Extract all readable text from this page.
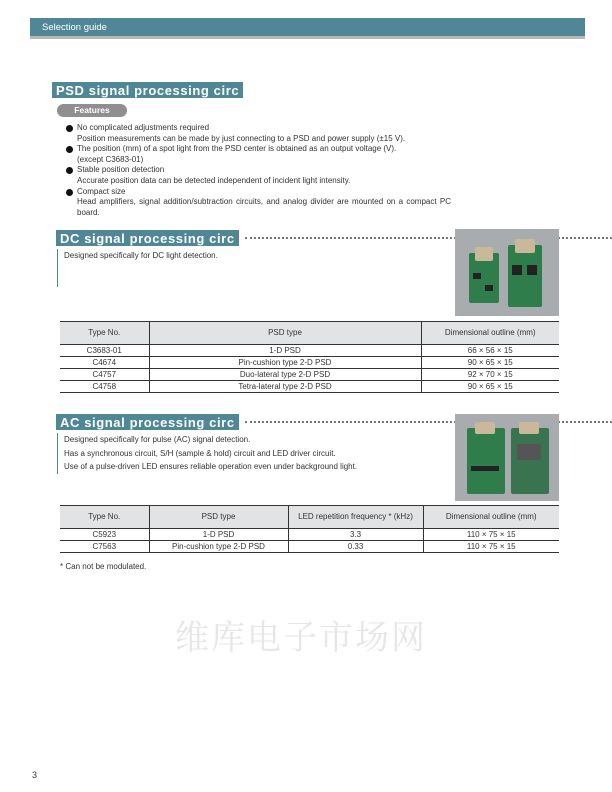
Selection guide
PSD signal processing circ
Features
No complicated adjustments required
Position measurements can be made by just connecting to a PSD and power supply (±15 V).
The position (mm) of a spot light from the PSD center is obtained as an output voltage (V).
(except C3683-01)
Stable position detection
Accurate position data can be detected independent of incident light intensity.
Compact size
Head amplifiers, signal addition/subtraction circuits, and analog divider are mounted on a compact PC board.
DC signal processing circ
Designed specifically for DC light detection.
Type No.	PSD type	Dimensional outline (mm)
C3683-01	1-D PSD	66 × 56 × 15
C4674	Pin-cushion type 2-D PSD	90 × 65 × 15
C4757	Duo-lateral type 2-D PSD	92 × 70 × 15
C4758	Tetra-lateral type 2-D PSD	90 × 65 × 15
AC signal processing circ
Designed specifically for pulse (AC) signal detection.
Has a synchronous circuit, S/H (sample & hold) circuit and LED driver circuit.
Use of a pulse-driven LED ensures reliable operation even under background light.
Type No.	PSD type	LED repetition frequency * (kHz)	Dimensional outline (mm)
C5923	1-D PSD	3.3	110 × 75 × 15
C7563	Pin-cushion type 2-D PSD	0.33	110 × 75 × 15
* Can not be modulated.
维库电子市场网
3
